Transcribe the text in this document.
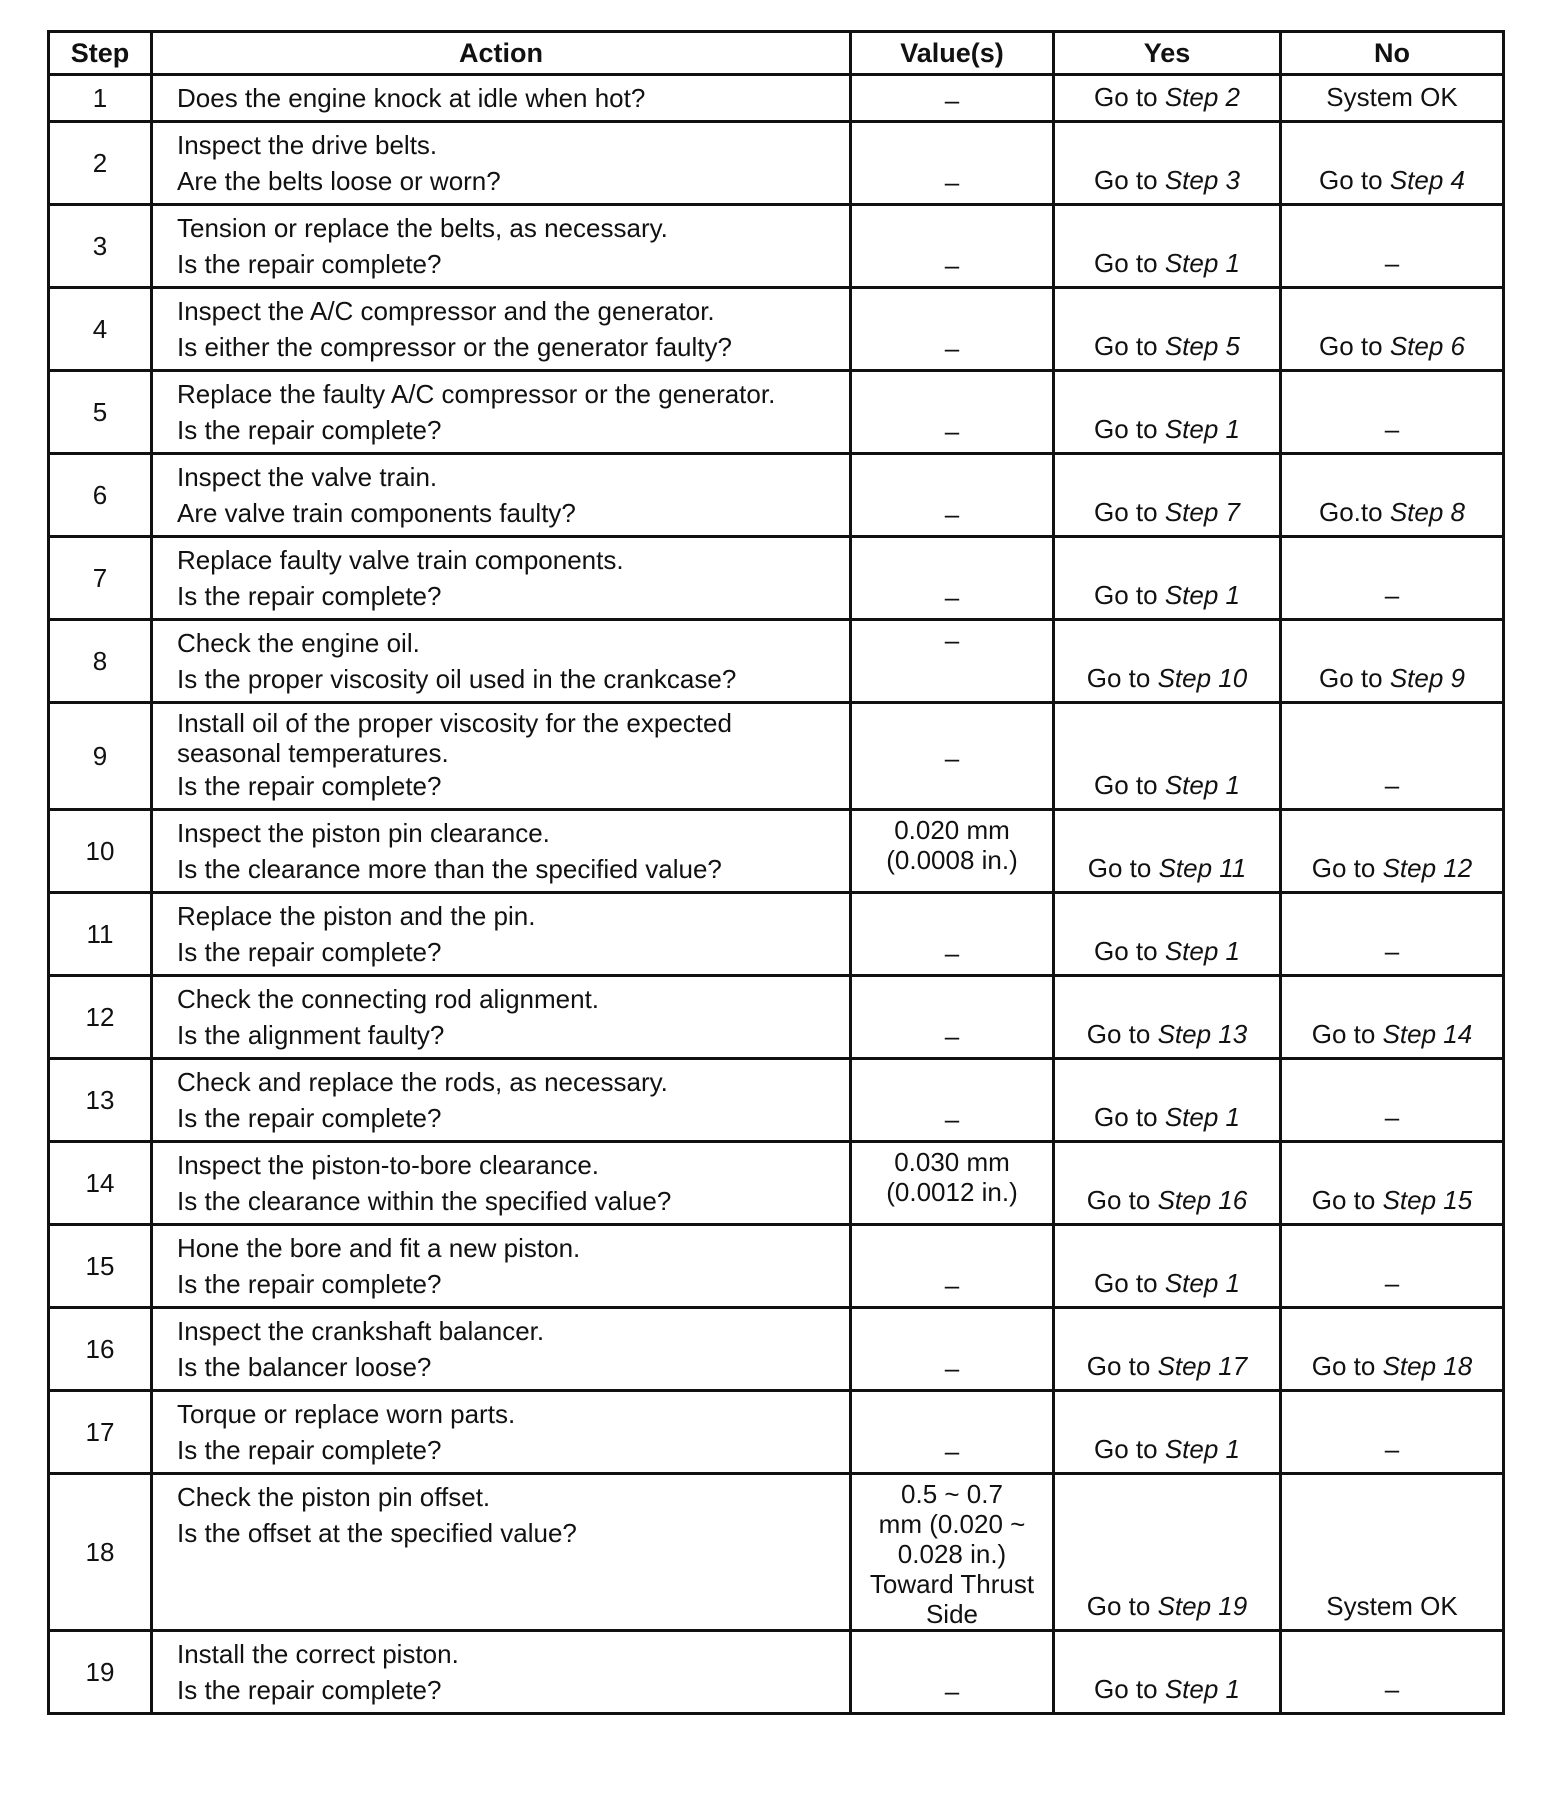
Step	Action	Value(s)	Yes	No
1	Does the engine knock at idle when hot?	–	Go to Step 2	System OK
2	Inspect the drive belts.
Are the belts loose or worn?	–	Go to Step 3	Go to Step 4
3	Tension or replace the belts, as necessary.
Is the repair complete?	–	Go to Step 1	–
4	Inspect the A/C compressor and the generator.
Is either the compressor or the generator faulty?	–	Go to Step 5	Go to Step 6
5	Replace the faulty A/C compressor or the generator.
Is the repair complete?	–	Go to Step 1	–
6	Inspect the valve train.
Are valve train components faulty?	–	Go to Step 7	Go.to Step 8
7	Replace faulty valve train components.
Is the repair complete?	–	Go to Step 1	–
8	Check the engine oil.
Is the proper viscosity oil used in the crankcase?	–	Go to Step 10	Go to Step 9
9	Install oil of the proper viscosity for the expected
seasonal temperatures.
Is the repair complete?	–	Go to Step 1	–
10	Inspect the piston pin clearance.
Is the clearance more than the specified value?	0.020 mm
(0.0008 in.)	Go to Step 11	Go to Step 12
11	Replace the piston and the pin.
Is the repair complete?	–	Go to Step 1	–
12	Check the connecting rod alignment.
Is the alignment faulty?	–	Go to Step 13	Go to Step 14
13	Check and replace the rods, as necessary.
Is the repair complete?	–	Go to Step 1	–
14	Inspect the piston-to-bore clearance.
Is the clearance within the specified value?	0.030 mm
(0.0012 in.)	Go to Step 16	Go to Step 15
15	Hone the bore and fit a new piston.
Is the repair complete?	–	Go to Step 1	–
16	Inspect the crankshaft balancer.
Is the balancer loose?	–	Go to Step 17	Go to Step 18
17	Torque or replace worn parts.
Is the repair complete?	–	Go to Step 1	–
18	Check the piston pin offset.
Is the offset at the specified value?	0.5 ~ 0.7
mm (0.020 ~
0.028 in.)
Toward Thrust
Side	Go to Step 19	System OK
19	Install the correct piston.
Is the repair complete?	–	Go to Step 1	–
